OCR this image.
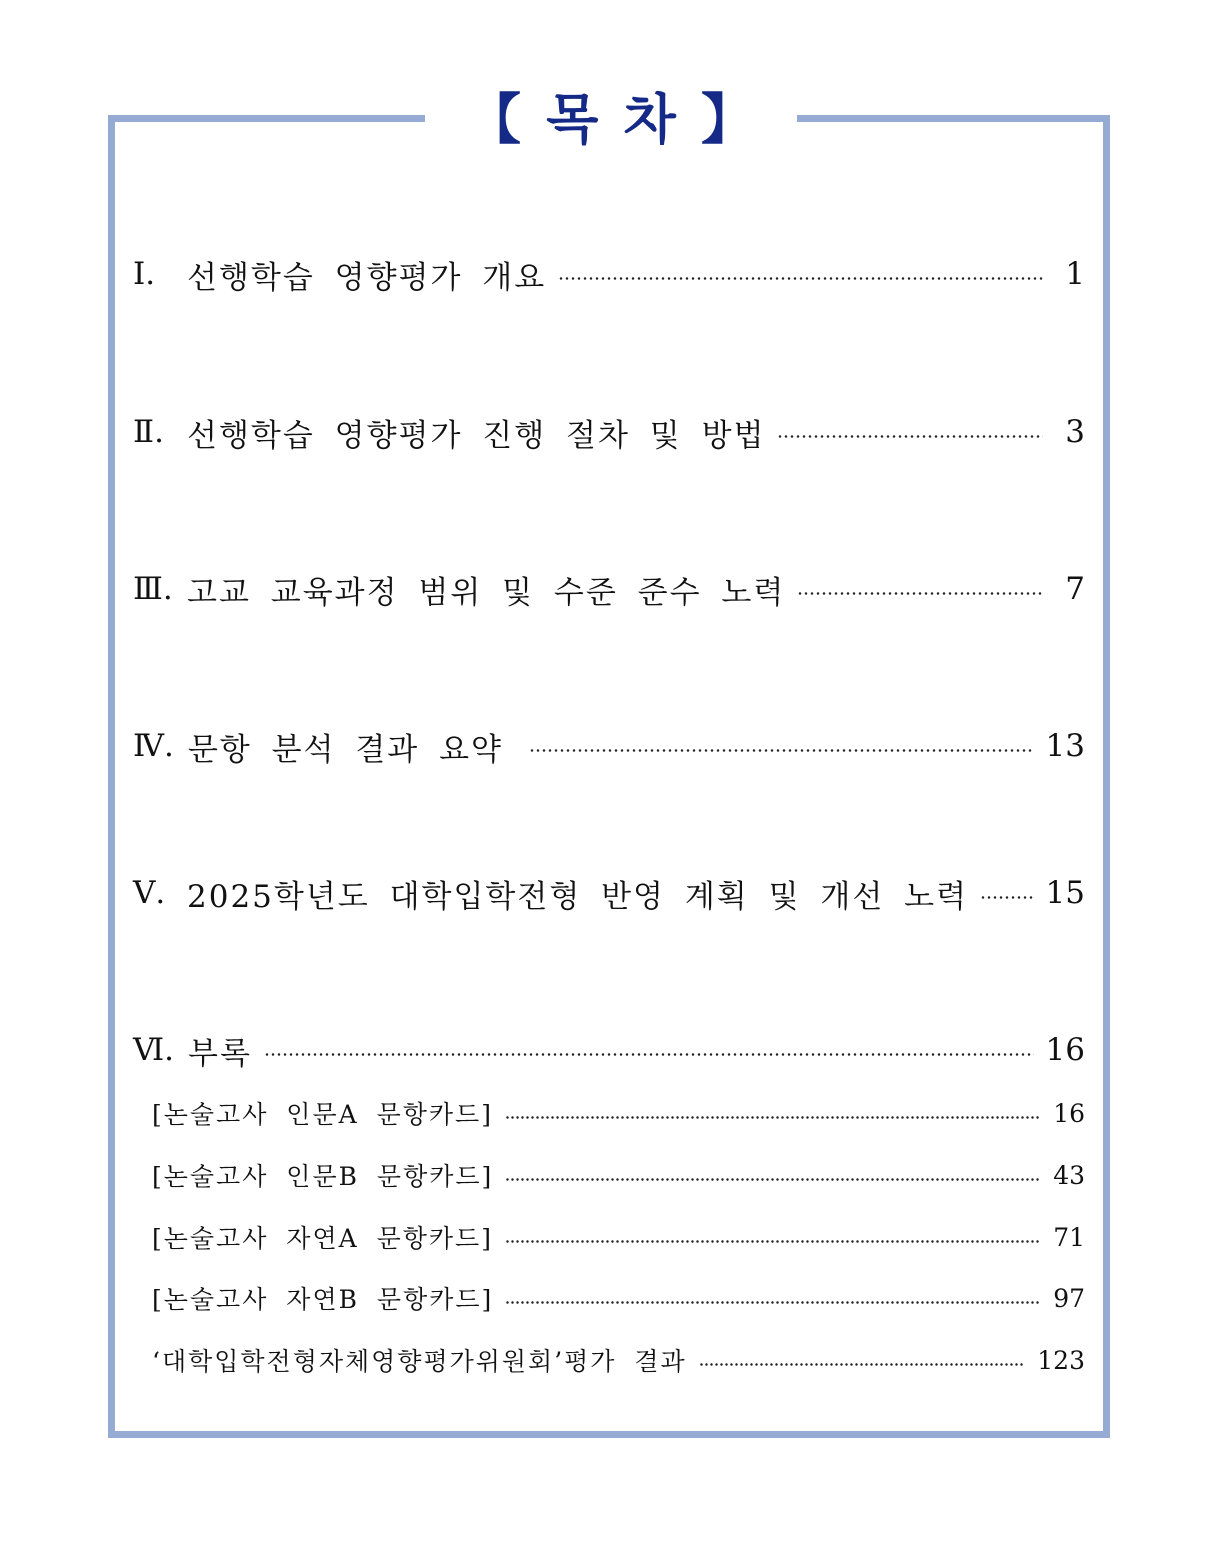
【 목 차 】
Ⅰ.	선행학습 영향평가 개요	1
Ⅱ. 선행학습 영향평가 진행 절차 및 방법	3
Ⅲ. 고교 교육과정 범위 및 수준 준수 노력	7
Ⅳ. 문항 분석 결과 요약	13
Ⅴ. 2025학년도 대학입학전형 반영 계획 및 개선 노력	15
Ⅵ. 부록	16
[논술고사 인문A 문항카드]	16
[논술고사 인문B 문항카드]	43
[논술고사 자연A 문항카드]	71
[논술고사 자연B 문항카드]	97
‘대학입학전형자체영향평가위원회’평가 결과	123
